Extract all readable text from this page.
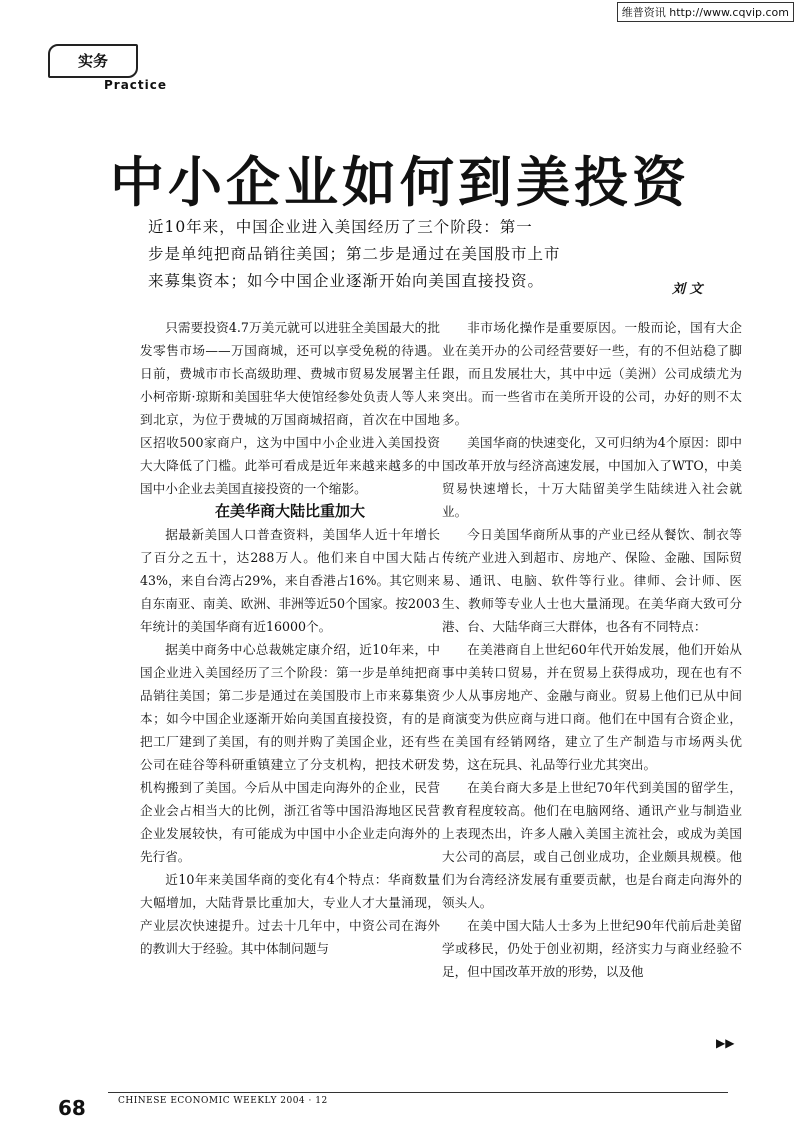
维普资讯 http://www.cqvip.com
实务
Practice
中小企业如何到美投资

近10年来，中国企业进入美国经历了三个阶段：第一

步是单纯把商品销往美国；第二步是通过在美国股市上市

来募集资本；如今中国企业逐渐开始向美国直接投资。	刘 文

只需要投资4.7万美元就可以进驻全美国最大的批发零售市场——万国商城，还可以享受免税的待遇。日前，费城市市长高级助理、费城市贸易发展署主任小柯帝斯·琼斯和美国驻华大使馆经参处负责人等人来到北京，为位于费城的万国商城招商，首次在中国地区招收500家商户，这为中国中小企业进入美国投资大大降低了门槛。此举可看成是近年来越来越多的中国中小企业去美国直接投资的一个缩影。

在美华商大陆比重加大

据最新美国人口普查资料，美国华人近十年增长了百分之五十，达288万人。他们来自中国大陆占43%，来自台湾占29%，来自香港占16%。其它则来自东南亚、南美、欧洲、非洲等近50个国家。按2003年统计的美国华商有近16000个。

据美中商务中心总裁姚定康介绍，近10年来，中国企业进入美国经历了三个阶段：第一步是单纯把商品销往美国；第二步是通过在美国股市上市来募集资本；如今中国企业逐渐开始向美国直接投资，有的是把工厂建到了美国，有的则并购了美国企业，还有些公司在硅谷等科研重镇建立了分支机构，把技术研发机构搬到了美国。今后从中国走向海外的企业，民营企业会占相当大的比例，浙江省等中国沿海地区民营企业发展较快，有可能成为中国中小企业走向海外的先行省。

近10年来美国华商的变化有4个特点：华商数量大幅增加，大陆背景比重加大，专业人才大量涌现，产业层次快速提升。过去十几年中，中资公司在海外的教训大于经验。其中体制问题与

非市场化操作是重要原因。一般而论，国有大企业在美开办的公司经营要好一些，有的不但站稳了脚跟，而且发展壮大，其中中远（美洲）公司成绩尤为突出。而一些省市在美所开设的公司，办好的则不太多。

美国华商的快速变化，又可归纳为4个原因：即中国改革开放与经济高速发展，中国加入了WTO，中美贸易快速增长，十万大陆留美学生陆续进入社会就业。

今日美国华商所从事的产业已经从餐饮、制衣等传统产业进入到超市、房地产、保险、金融、国际贸易、通讯、电脑、软件等行业。律师、会计师、医生、教师等专业人士也大量涌现。在美华商大致可分港、台、大陆华商三大群体，也各有不同特点：

在美港商自上世纪60年代开始发展，他们开始从事中美转口贸易，并在贸易上获得成功，现在也有不少人从事房地产、金融与商业。贸易上他们已从中间商演变为供应商与进口商。他们在中国有合资企业，在美国有经销网络，建立了生产制造与市场两头优势，这在玩具、礼品等行业尤其突出。

在美台商大多是上世纪70年代到美国的留学生，教育程度较高。他们在电脑网络、通讯产业与制造业上表现杰出，许多人融入美国主流社会，或成为美国大公司的高层，或自己创业成功，企业颇具规模。他们为台湾经济发展有重要贡献，也是台商走向海外的领头人。

在美中国大陆人士多为上世纪90年代前后赴美留学或移民，仍处于创业初期，经济实力与商业经验不足，但中国改革开放的形势，以及他

▶▶
68	CHINESE ECONOMIC WEEKLY 2004 · 12
